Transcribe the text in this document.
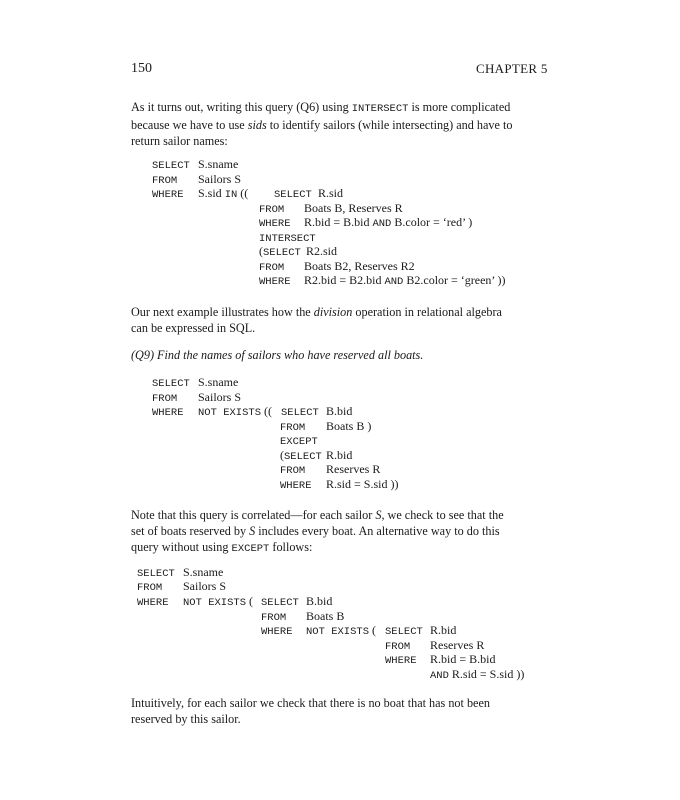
150	CHAPTER 5
As it turns out, writing this query (Q6) using INTERSECT is more complicated
because we have to use sids to identify sailors (while intersecting) and have to
return sailor names:
SELECT S.sname
FROM Sailors S
WHERE S.sid IN (( SELECT R.sid
FROM Boats B, Reserves R
WHERE R.bid = B.bid AND B.color = ‘red’ )
INTERSECT
(SELECT R2.sid
FROM Boats B2, Reserves R2
WHERE R2.bid = B2.bid AND B2.color = ‘green’ ))
Our next example illustrates how the division operation in relational algebra
can be expressed in SQL.
(Q9) Find the names of sailors who have reserved all boats.
SELECT S.sname
FROM Sailors S
WHERE NOT EXISTS (( SELECT B.bid
FROM Boats B )
EXCEPT
(SELECT R.bid
FROM Reserves R
WHERE R.sid = S.sid ))
Note that this query is correlated—for each sailor S, we check to see that the
set of boats reserved by S includes every boat. An alternative way to do this
query without using EXCEPT follows:
SELECT S.sname
FROM Sailors S
WHERE NOT EXISTS ( SELECT B.bid
FROM Boats B
WHERE NOT EXISTS ( SELECT R.bid
FROM Reserves R
WHERE R.bid = B.bid
AND R.sid = S.sid ))
Intuitively, for each sailor we check that there is no boat that has not been
reserved by this sailor.
